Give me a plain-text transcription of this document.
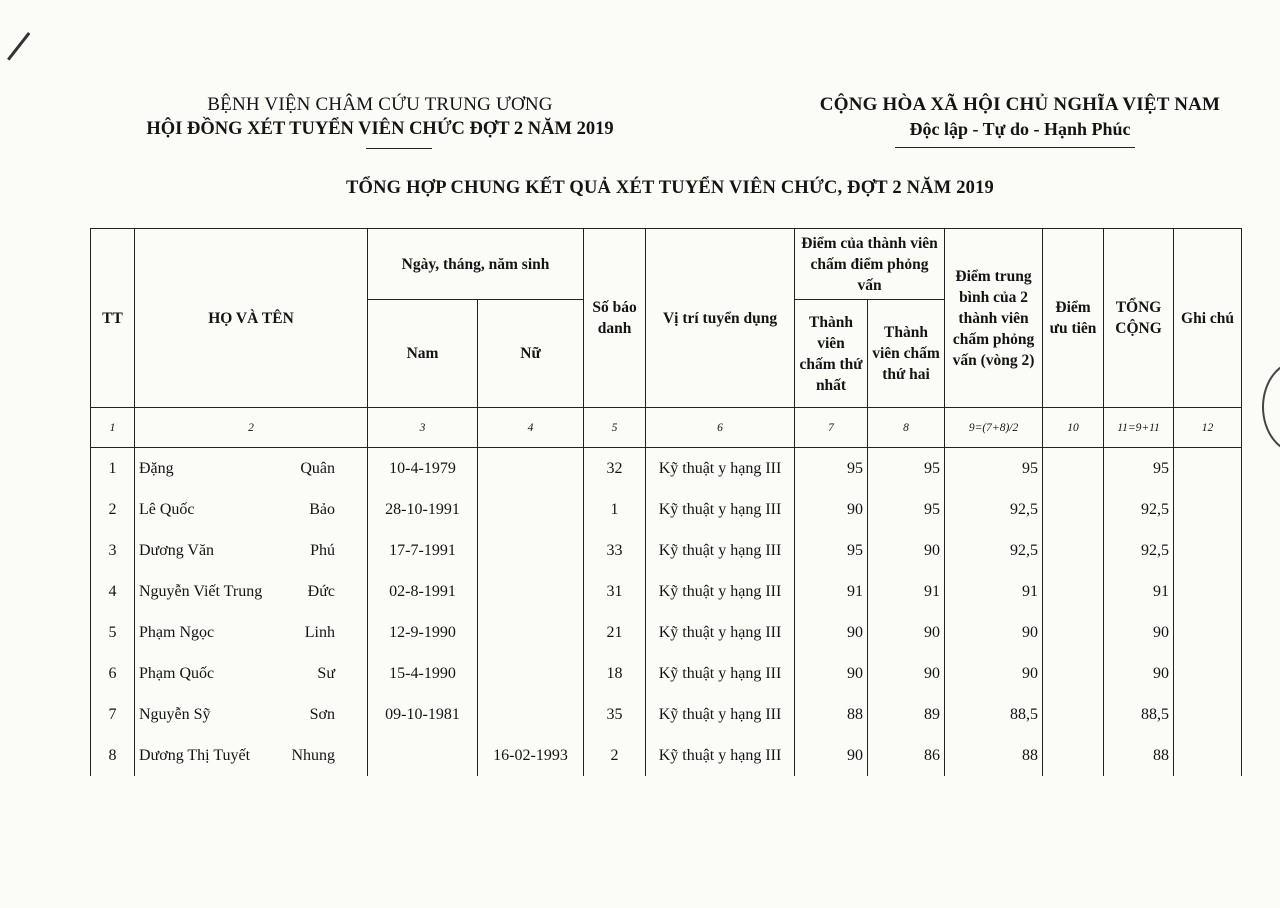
BỆNH VIỆN CHÂM CỨU TRUNG ƯƠNG
HỘI ĐỒNG XÉT TUYỂN VIÊN CHỨC ĐỢT 2 NĂM 2019
CỘNG HÒA XÃ HỘI CHỦ NGHĨA VIỆT NAM
Độc lập - Tự do - Hạnh Phúc
TỔNG HỢP CHUNG KẾT QUẢ XÉT TUYỂN VIÊN CHỨC, ĐỢT 2 NĂM 2019
TT	HỌ VÀ TÊN	Ngày, tháng, năm sinh		Số báo danh	Vị trí tuyển dụng	Điểm của thành viên chấm điểm phỏng vấn		Điểm trung bình của 2 thành viên chấm phỏng vấn (vòng 2)	Điểm ưu tiên	TỔNG CỘNG	Ghi chú
		Nam	Nữ			Thành viên chấm thứ nhất	Thành viên chấm thứ hai				
1	2	3	4	5	6	7	8	9=(7+8)/2	10	11=9+11	12
1	Đặng Quân	10-4-1979		32	Kỹ thuật y hạng III	95	95	95		95	
2	Lê Quốc Bảo	28-10-1991		1	Kỹ thuật y hạng III	90	95	92,5		92,5	
3	Dương Văn Phú	17-7-1991		33	Kỹ thuật y hạng III	95	90	92,5		92,5	
4	Nguyễn Viết Trung Đức	02-8-1991		31	Kỹ thuật y hạng III	91	91	91		91	
5	Phạm Ngọc Linh	12-9-1990		21	Kỹ thuật y hạng III	90	90	90		90	
6	Phạm Quốc Sư	15-4-1990		18	Kỹ thuật y hạng III	90	90	90		90	
7	Nguyễn Sỹ Sơn	09-10-1981		35	Kỹ thuật y hạng III	88	89	88,5		88,5	
8	Dương Thị Tuyết Nhung		16-02-1993	2	Kỹ thuật y hạng III	90	86	88		88	
